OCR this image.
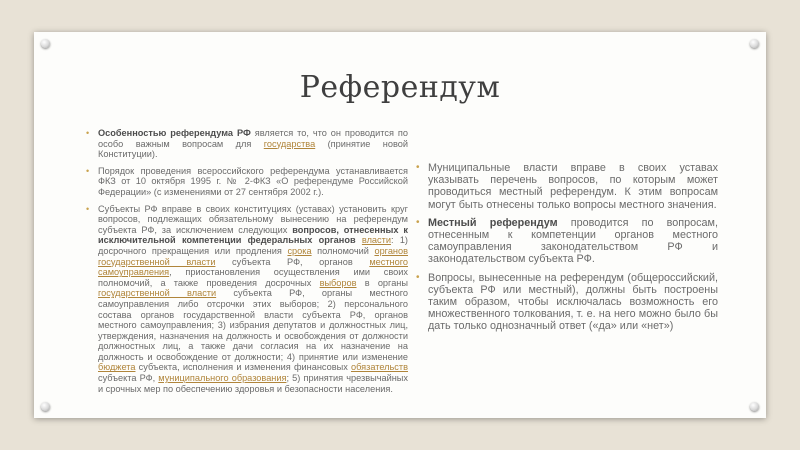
Референдум
• Особенностью референдума РФ является то, что он проводится по особо важным вопросам для государства (принятие новой Конституции).
• Порядок проведения всероссийского референдума устанавливается ФКЗ от 10 октября 1995 г. № 2-ФКЗ «О референдуме Российской Федерации» (с изменениями от 27 сентября 2002 г.).
• Субъекты РФ вправе в своих конституциях (уставах) установить круг вопросов, подлежащих обязательному вынесению на референдум субъекта РФ, за исключением следующих вопросов, отнесенных к исключительной компетенции федеральных органов власти: 1) досрочного прекращения или продления срока полномочий органов государственной власти субъекта РФ, органов местного самоуправления, приостановления осуществления ими своих полномочий, а также проведения досрочных выборов в органы государственной власти субъекта РФ, органы местного самоуправления либо отсрочки этих выборов; 2) персонального состава органов государственной власти субъекта РФ, органов местного самоуправления; 3) избрания депутатов и должностных лиц, утверждения, назначения на должность и освобождения от должности должностных лиц, а также дачи согласия на их назначение на должность и освобождение от должности; 4) принятие или изменение бюджета субъекта, исполнения и изменения финансовых обязательств субъекта РФ, муниципального образования; 5) принятия чрезвычайных и срочных мер по обеспечению здоровья и безопасности населения.
• Муниципальные власти вправе в своих уставах указывать перечень вопросов, по которым может проводиться местный референдум. К этим вопросам могут быть отнесены только вопросы местного значения.
• Местный референдум проводится по вопросам, отнесенным к компетенции органов местного самоуправления законодательством РФ и законодательством субъекта РФ.
• Вопросы, вынесенные на референдум (общероссийский, субъекта РФ или местный), должны быть построены таким образом, чтобы исключалась возможность его множественного толкования, т. е. на него можно было бы дать только однозначный ответ («да» или «нет»)
